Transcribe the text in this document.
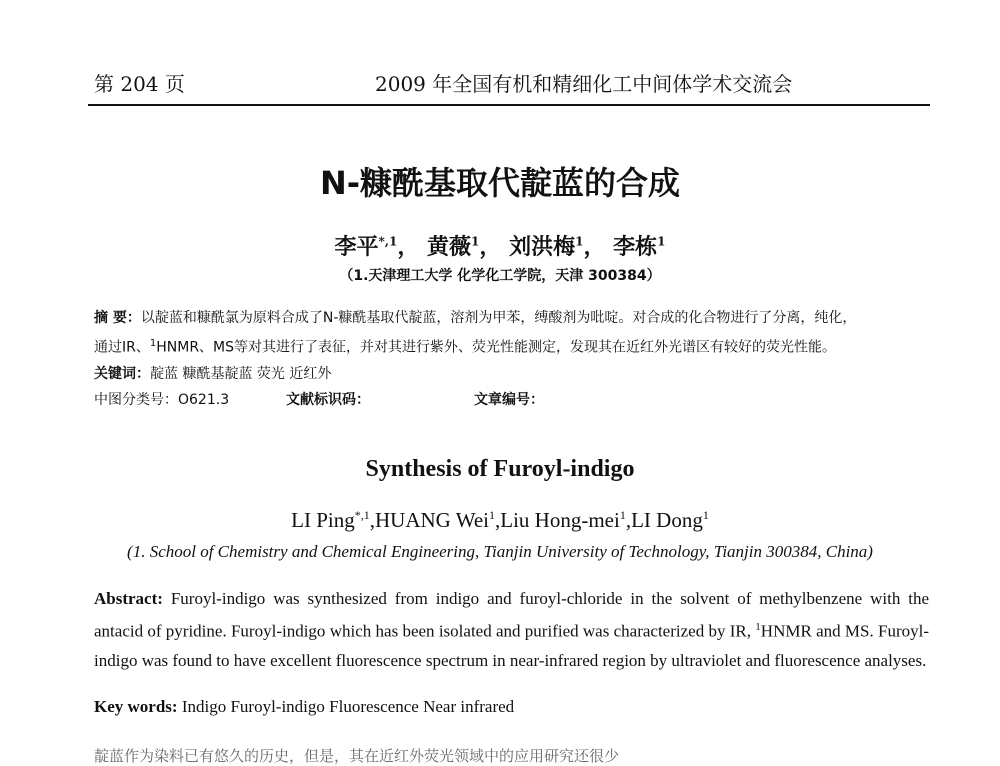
第 204 页	2009 年全国有机和精细化工中间体学术交流会
N-糠酰基取代靛蓝的合成
李平$^{*,1}$， 黄薇$^1$， 刘洪梅$^1$， 李栋$^1$
（1.天津理工大学 化学化工学院，天津 300384）
摘 要：以靛蓝和糠酰氯为原料合成了N-糠酰基取代靛蓝，溶剂为甲苯，缚酸剂为吡啶。对合成的化合物进行了分离，纯化，
通过IR、$^1$HNMR、MS等对其进行了表征，并对其进行紫外、荧光性能测定，发现其在近红外光谱区有较好的荧光性能。
关键词：靛蓝 糠酰基靛蓝 荧光 近红外
中图分类号：O621.3	文献标识码：	文章编号：
Synthesis of Furoyl-indigo
LI Ping$^{*,1}$,HUANG Wei$^1$,Liu Hong-mei$^1$,LI Dong$^1$
(1. School of Chemistry and Chemical Engineering, Tianjin University of Technology, Tianjin 300384, China)
Abstract: Furoyl-indigo was synthesized from indigo and furoyl-chloride in the solvent of methylbenzene with the antacid of pyridine. Furoyl-indigo which has been isolated and purified was characterized by IR, $^1$HNMR and MS. Furoyl-indigo was found to have excellent fluorescence spectrum in near-infrared region by ultraviolet and fluorescence analyses.
Key words: Indigo Furoyl-indigo Fluorescence Near infrared
靛蓝作为染料已有悠久的历史，但是，其在近红外荧光领域中的应用研究还很少
